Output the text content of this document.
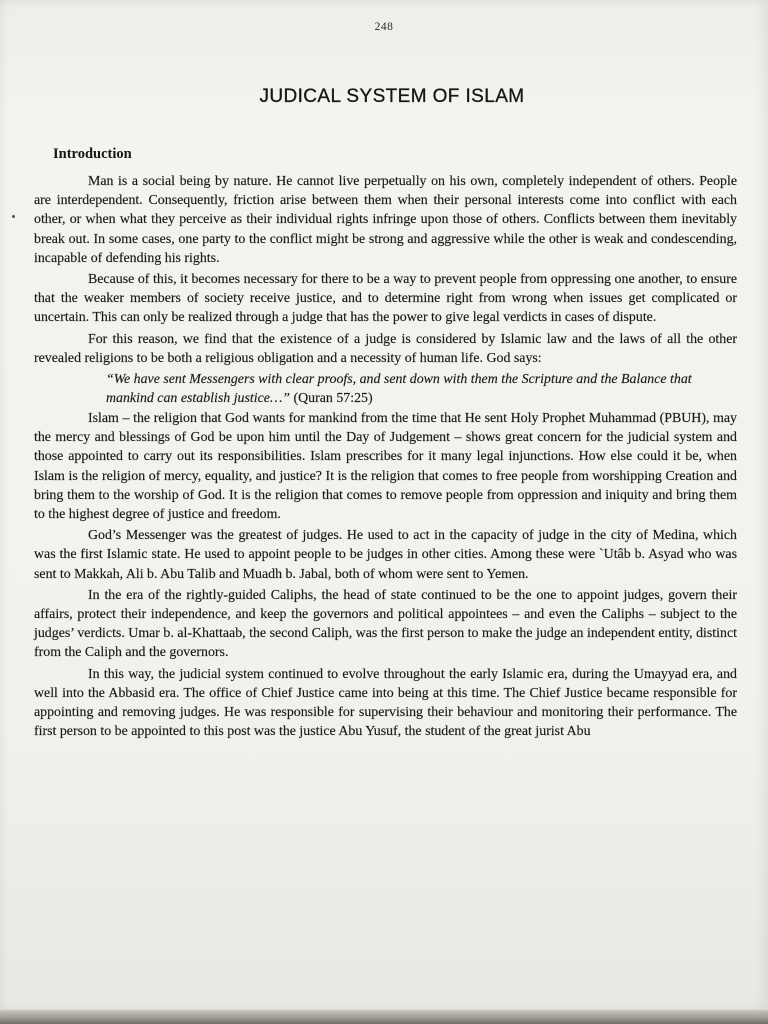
248
JUDICAL SYSTEM OF ISLAM
Introduction

Man is a social being by nature. He cannot live perpetually on his own, completely independent of others. People are interdependent. Consequently, friction arise between them when their personal interests come into conflict with each other, or when what they perceive as their individual rights infringe upon those of others. Conflicts between them inevitably break out. In some cases, one party to the conflict might be strong and aggressive while the other is weak and condescending, incapable of defending his rights.

Because of this, it becomes necessary for there to be a way to prevent people from oppressing one another, to ensure that the weaker members of society receive justice, and to determine right from wrong when issues get complicated or uncertain. This can only be realized through a judge that has the power to give legal verdicts in cases of dispute.

For this reason, we find that the existence of a judge is considered by Islamic law and the laws of all the other revealed religions to be both a religious obligation and a necessity of human life. God says:

“We have sent Messengers with clear proofs, and sent down with them the Scripture and the Balance that mankind can establish justice…” (Quran 57:25)

Islam – the religion that God wants for mankind from the time that He sent Holy Prophet Muhammad (PBUH), may the mercy and blessings of God be upon him until the Day of Judgement – shows great concern for the judicial system and those appointed to carry out its responsibilities. Islam prescribes for it many legal injunctions. How else could it be, when Islam is the religion of mercy, equality, and justice? It is the religion that comes to free people from worshipping Creation and bring them to the worship of God. It is the religion that comes to remove people from oppression and iniquity and bring them to the highest degree of justice and freedom.

God’s Messenger was the greatest of judges. He used to act in the capacity of judge in the city of Medina, which was the first Islamic state. He used to appoint people to be judges in other cities. Among these were `Utâb b. Asyad who was sent to Makkah, Ali b. Abu Talib and Muadh b. Jabal, both of whom were sent to Yemen.

In the era of the rightly-guided Caliphs, the head of state continued to be the one to appoint judges, govern their affairs, protect their independence, and keep the governors and political appointees – and even the Caliphs – subject to the judges’ verdicts. Umar b. al-Khattaab, the second Caliph, was the first person to make the judge an independent entity, distinct from the Caliph and the governors.

In this way, the judicial system continued to evolve throughout the early Islamic era, during the Umayyad era, and well into the Abbasid era. The office of Chief Justice came into being at this time. The Chief Justice became responsible for appointing and removing judges. He was responsible for supervising their behaviour and monitoring their performance. The first person to be appointed to this post was the justice Abu Yusuf, the student of the great jurist Abu
